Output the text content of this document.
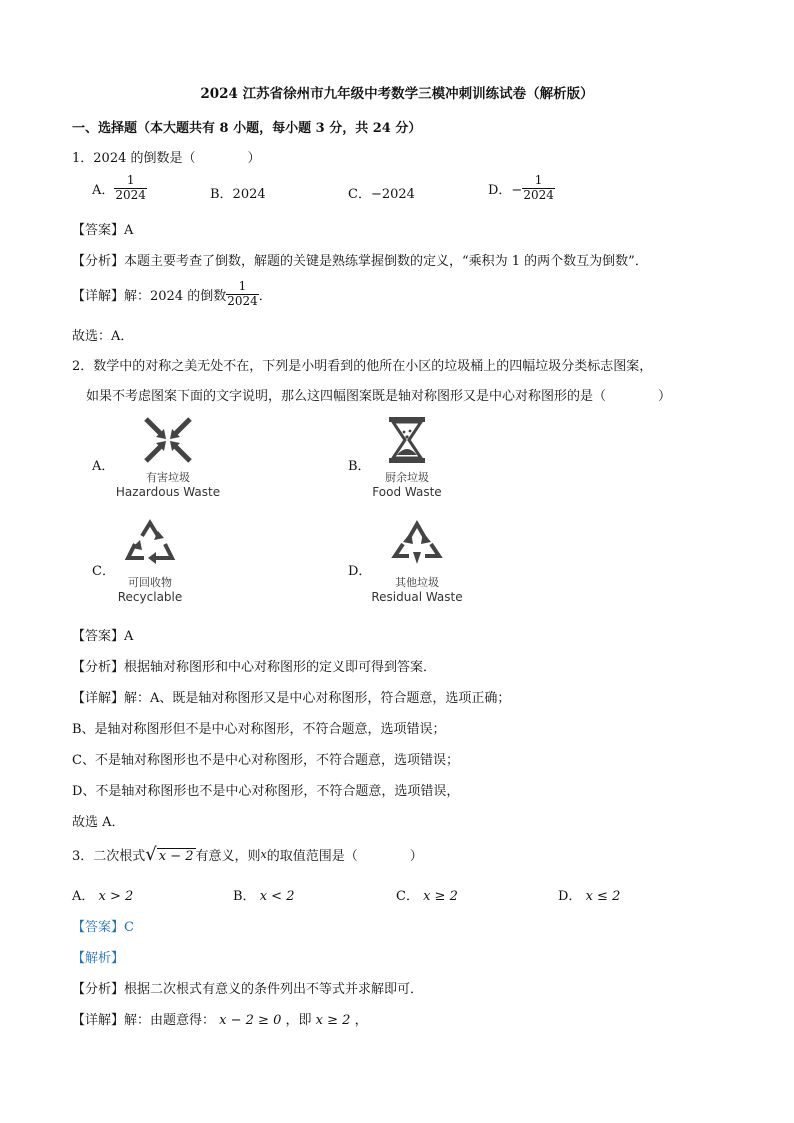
2024 江苏省徐州市九年级中考数学三模冲刺训练试卷（解析版）
一、选择题（本大题共有 8 小题，每小题 3 分，共 24 分）
1．2024 的倒数是（　　　　）
A． $\frac{1}{2024}$	B．2024	C．−2024	D．− $\frac{1}{2024}$
【答案】A
【分析】本题主要考查了倒数，解题的关键是熟练掌握倒数的定义，“乘积为 1 的两个数互为倒数”．
【详解】解：2024 的倒数 $\frac{1}{2024}$ ．
故选：A．
2．数学中的对称之美无处不在，下列是小明看到的他所在小区的垃圾桶上的四幅垃圾分类标志图案，
如果不考虑图案下面的文字说明，那么这四幅图案既是轴对称图形又是中心对称图形的是（　　　　）
A．
有害垃圾
Hazardous Waste
B．
厨余垃圾
Food Waste
C．
可回收物
Recyclable
D．
其他垃圾
Residual Waste
【答案】A
【分析】根据轴对称图形和中心对称图形的定义即可得到答案．
【详解】解：A、既是轴对称图形又是中心对称图形，符合题意，选项正确；
B、是轴对称图形但不是中心对称图形，不符合题意，选项错误；
C、不是轴对称图形也不是中心对称图形，不符合题意，选项错误；
D、不是轴对称图形也不是中心对称图形，不符合题意，选项错误，
故选 A．
3．二次根式 √ x − 2 有意义，则 x 的取值范围是（　　　　）
A． x > 2	B． x < 2	C． x ≥ 2	D． x ≤ 2
【答案】C
【解析】
【分析】根据二次根式有意义的条件列出不等式并求解即可．
【详解】解：由题意得： x − 2 ≥ 0 ，即 x ≥ 2 ，
